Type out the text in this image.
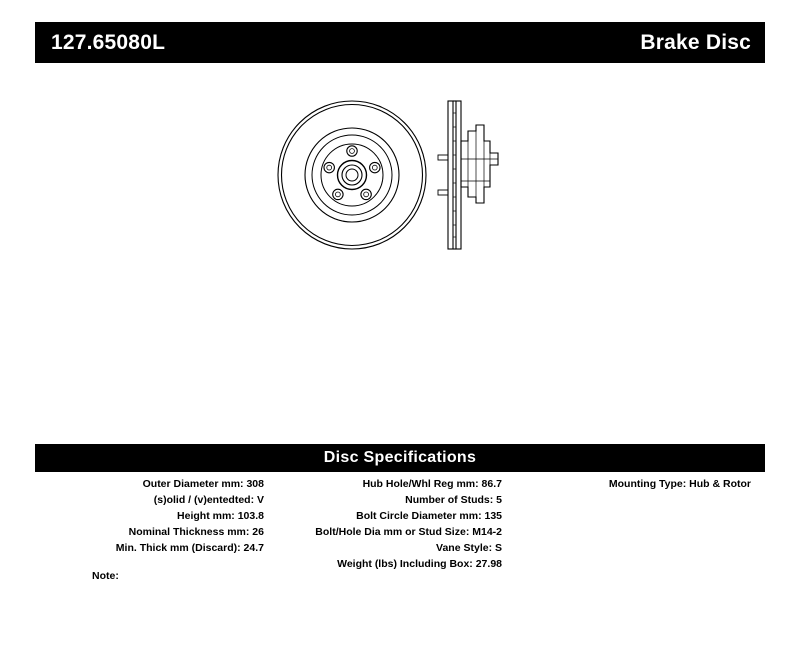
127.65080L	Brake Disc
Disc Specifications
Outer Diameter mm: 308
(s)olid / (v)entedted: V
Height mm: 103.8
Nominal Thickness mm: 26
Min. Thick mm (Discard): 24.7
Hub Hole/Whl Reg mm: 86.7
Number of Studs: 5
Bolt Circle Diameter mm: 135
Bolt/Hole Dia mm or Stud Size: M14-2
Vane Style: S
Weight (lbs) Including Box: 27.98
Mounting Type: Hub & Rotor
Note:
